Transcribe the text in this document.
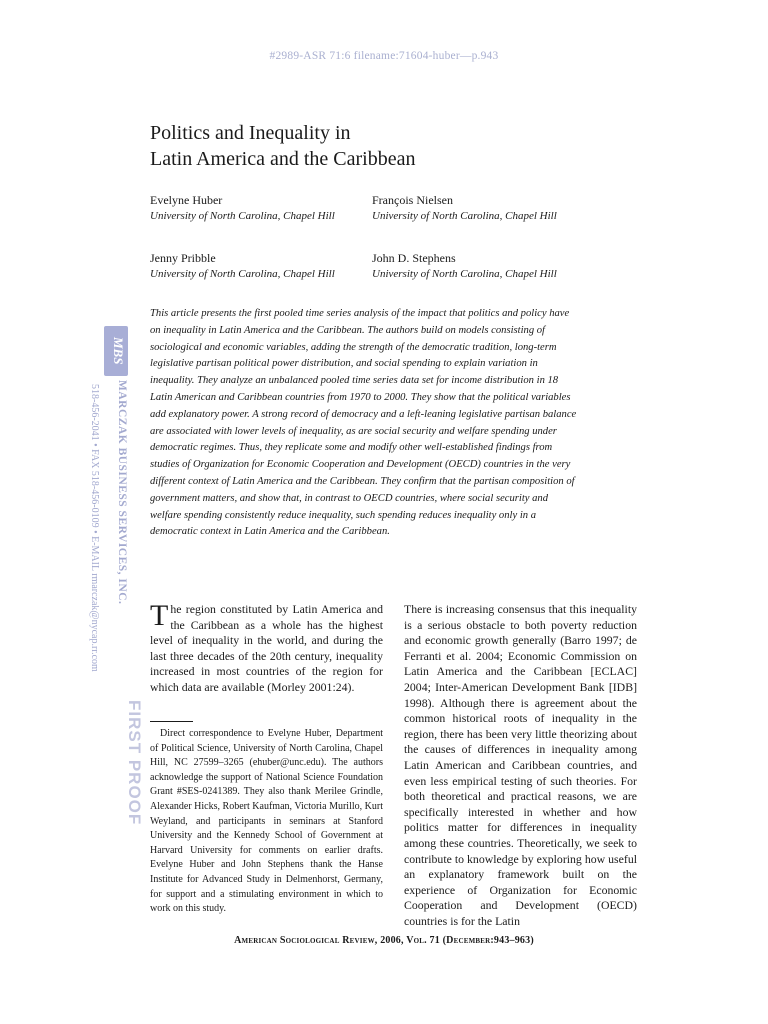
#2989-ASR 71:6 filename:71604-huber—p.943
Politics and Inequality in
Latin America and the Caribbean
Evelyne Huber
University of North Carolina, Chapel Hill
François Nielsen
University of North Carolina, Chapel Hill
Jenny Pribble
University of North Carolina, Chapel Hill
John D. Stephens
University of North Carolina, Chapel Hill

This article presents the first pooled time series analysis of the impact that politics and policy have on inequality in Latin America and the Caribbean. The authors build on models consisting of sociological and economic variables, adding the strength of the democratic tradition, long-term legislative partisan political power distribution, and social spending to explain variation in inequality. They analyze an unbalanced pooled time series data set for income distribution in 18 Latin American and Caribbean countries from 1970 to 2000. They show that the political variables add explanatory power. A strong record of democracy and a left-leaning legislative partisan balance are associated with lower levels of inequality, as are social security and welfare spending under democratic regimes. Thus, they replicate some and modify other well-established findings from studies of Organization for Economic Cooperation and Development (OECD) countries in the very different context of Latin America and the Caribbean. They confirm that the partisan composition of government matters, and show that, in contrast to OECD countries, where social security and welfare spending consistently reduce inequality, such spending reduces inequality only in a democratic context in Latin America and the Caribbean.

The region constituted by Latin America and the Caribbean as a whole has the highest level of inequality in the world, and during the last three decades of the 20th century, inequality increased in most countries of the region for which data are available (Morley 2001:24).

Direct correspondence to Evelyne Huber, Department of Political Science, University of North Carolina, Chapel Hill, NC 27599–3265 (ehuber@unc.edu). The authors acknowledge the support of National Science Foundation Grant #SES-0241389. They also thank Merilee Grindle, Alexander Hicks, Robert Kaufman, Victoria Murillo, Kurt Weyland, and participants in seminars at Stanford University and the Kennedy School of Government at Harvard University for comments on earlier drafts. Evelyne Huber and John Stephens thank the Hanse Institute for Advanced Study in Delmenhorst, Germany, for support and a stimulating environment in which to work on this study.

There is increasing consensus that this inequality is a serious obstacle to both poverty reduction and economic growth generally (Barro 1997; de Ferranti et al. 2004; Economic Commission on Latin America and the Caribbean [ECLAC] 2004; Inter-American Development Bank [IDB] 1998). Although there is agreement about the common historical roots of inequality in the region, there has been very little theorizing about the causes of differences in inequality among Latin American and Caribbean countries, and even less empirical testing of such theories. For both theoretical and practical reasons, we are specifically interested in whether and how politics matter for differences in inequality among these countries. Theoretically, we seek to contribute to knowledge by exploring how useful an explanatory framework built on the experience of Organization for Economic Cooperation and Development (OECD) countries is for the Latin

American Sociological Review, 2006, Vol. 71 (December:943–963)
MBS
MARCZAK BUSINESS SERVICES, INC.
518-456-2041 • FAX 518-456-0109 • E-MAIL rmarczak@nycap.rr.com
FIRST PROOF
